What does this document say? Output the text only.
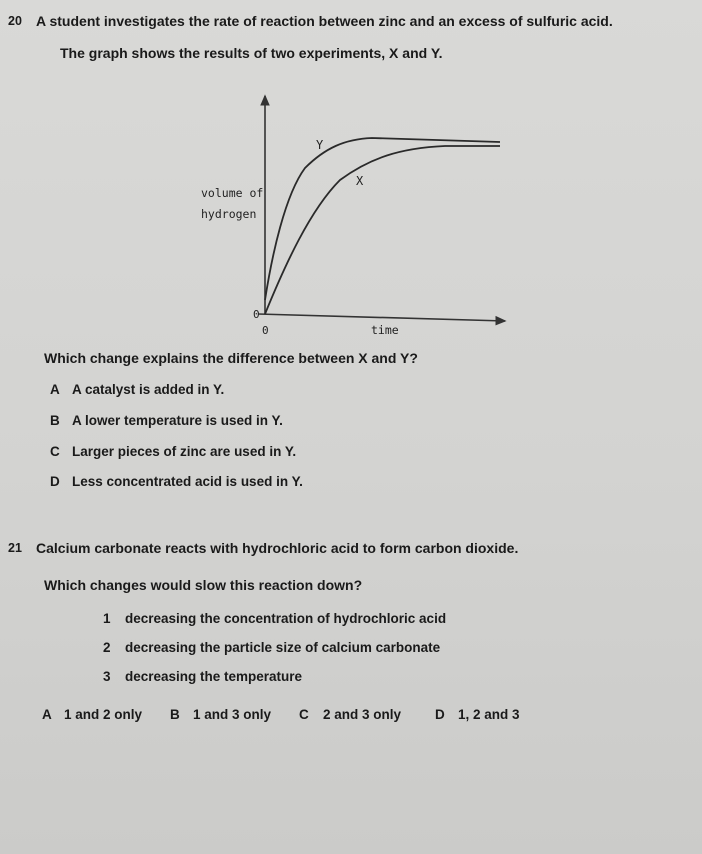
20 A student investigates the rate of reaction between zinc and an excess of sulfuric acid.
The graph shows the results of two experiments, X and Y.
Y
X
volume of
hydrogen
0
0	time
Which change explains the difference between X and Y?
A A catalyst is added in Y.
B A lower temperature is used in Y.
C Larger pieces of zinc are used in Y.
D Less concentrated acid is used in Y.
21 Calcium carbonate reacts with hydrochloric acid to form carbon dioxide.
Which changes would slow this reaction down?
1 decreasing the concentration of hydrochloric acid
2 decreasing the particle size of calcium carbonate
3 decreasing the temperature
A 1 and 2 only B 1 and 3 only C 2 and 3 only	D 1, 2 and 3
